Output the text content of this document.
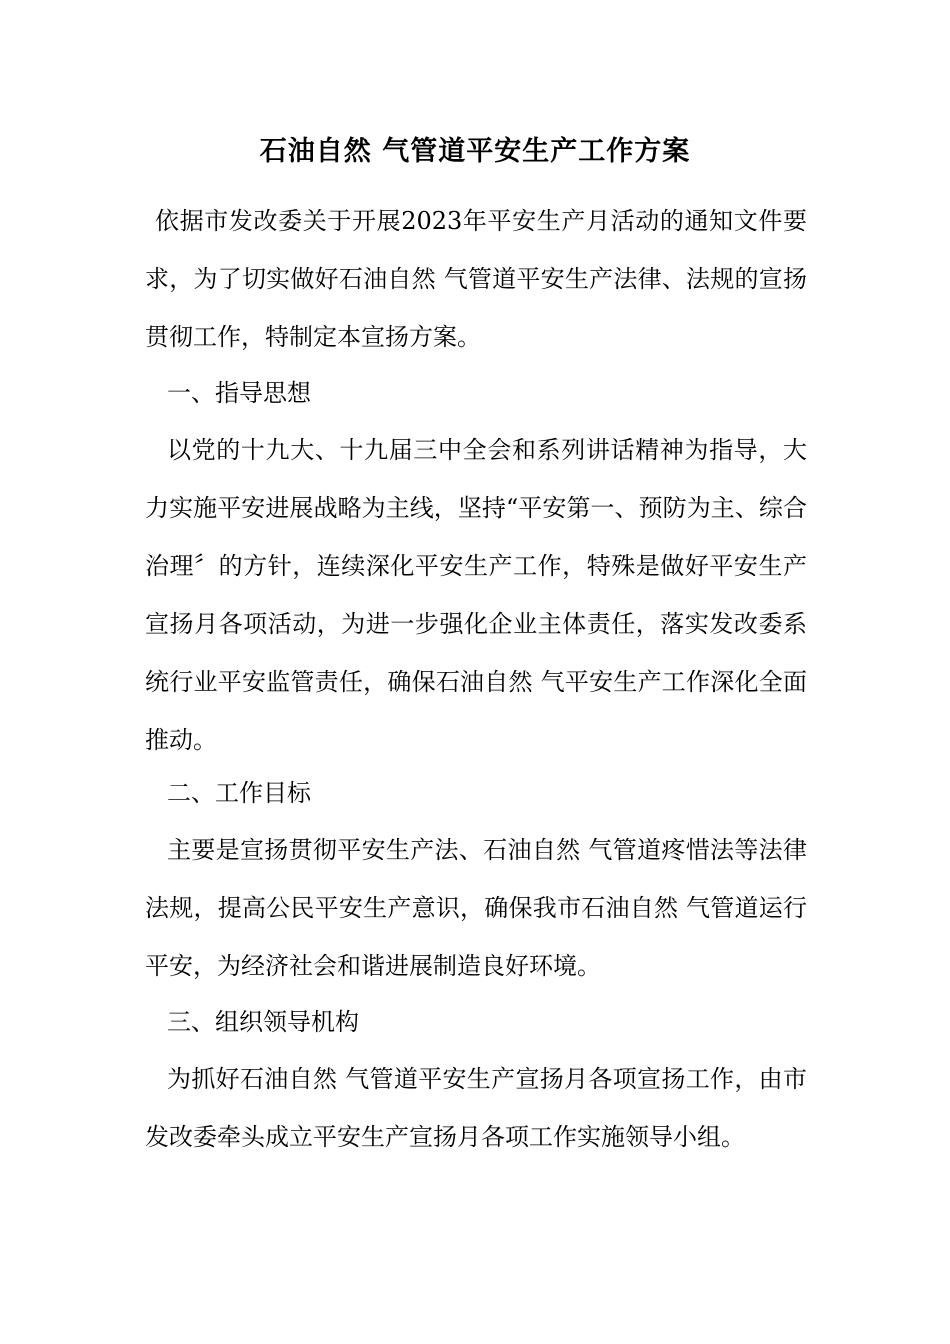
石油自然 气管道平安生产工作方案

依据市发改委关于开展2023年平安生产月活动的通知文件要求，为了切实做好石油自然 气管道平安生产法律、法规的宣扬贯彻工作，特制定本宣扬方案。

一、指导思想

以党的十九大、十九届三中全会和系列讲话精神为指导，大力实施平安进展战略为主线，坚持“平安第一、预防为主、综合治理〞的方针，连续深化平安生产工作，特殊是做好平安生产宣扬月各项活动，为进一步强化企业主体责任，落实发改委系统行业平安监管责任，确保石油自然 气平安生产工作深化全面推动。

二、工作目标

主要是宣扬贯彻平安生产法、石油自然 气管道疼惜法等法律法规，提高公民平安生产意识，确保我市石油自然 气管道运行平安，为经济社会和谐进展制造良好环境。

三、组织领导机构

为抓好石油自然 气管道平安生产宣扬月各项宣扬工作，由市发改委牵头成立平安生产宣扬月各项工作实施领导小组。
